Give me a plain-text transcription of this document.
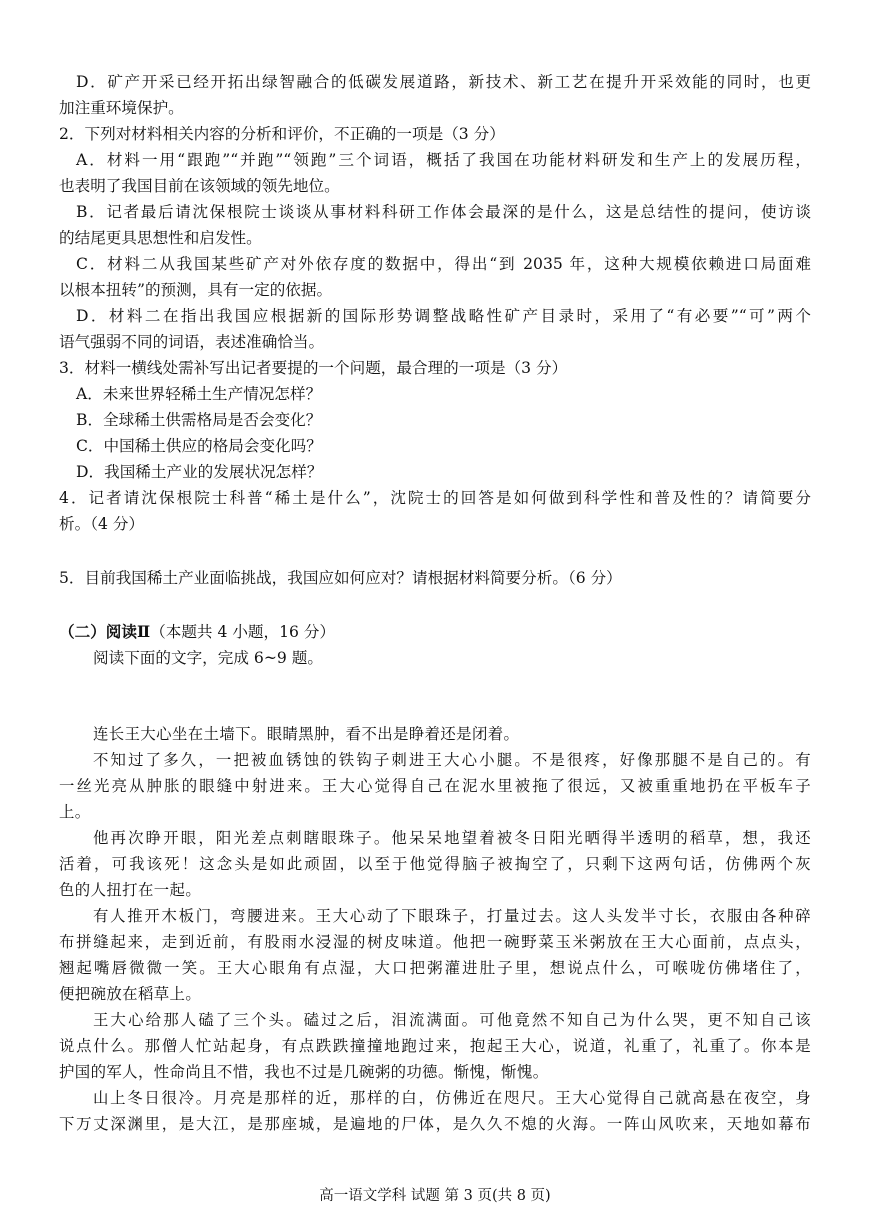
D．矿产开采已经开拓出绿智融合的低碳发展道路，新技术、新工艺在提升开采效能的同时，也更
加注重环境保护。
2．下列对材料相关内容的分析和评价，不正确的一项是（3 分）
A．材料一用“跟跑”“并跑”“领跑”三个词语，概括了我国在功能材料研发和生产上的发展历程，
也表明了我国目前在该领域的领先地位。
B．记者最后请沈保根院士谈谈从事材料科研工作体会最深的是什么，这是总结性的提问，使访谈
的结尾更具思想性和启发性。
C．材料二从我国某些矿产对外依存度的数据中，得出“到 2035 年，这种大规模依赖进口局面难
以根本扭转”的预测，具有一定的依据。
D．材料二在指出我国应根据新的国际形势调整战略性矿产目录时，采用了“有必要”“可”两个
语气强弱不同的词语，表述准确恰当。
3．材料一横线处需补写出记者要提的一个问题，最合理的一项是（3 分）
A．未来世界轻稀土生产情况怎样？
B．全球稀土供需格局是否会变化？
C．中国稀土供应的格局会变化吗？
D．我国稀土产业的发展状况怎样？
4．记者请沈保根院士科普“稀土是什么”，沈院士的回答是如何做到科学性和普及性的？请简要分
析。（4 分）
5．目前我国稀土产业面临挑战，我国应如何应对？请根据材料简要分析。（6 分）
（二）阅读Ⅱ（本题共 4 小题，16 分）
阅读下面的文字，完成 6~9 题。
连长王大心坐在土墙下。眼睛黑肿，看不出是睁着还是闭着。
不知过了多久，一把被血锈蚀的铁钩子刺进王大心小腿。不是很疼，好像那腿不是自己的。有
一丝光亮从肿胀的眼缝中射进来。王大心觉得自己在泥水里被拖了很远，又被重重地扔在平板车子
上。
他再次睁开眼，阳光差点刺瞎眼珠子。他呆呆地望着被冬日阳光晒得半透明的稻草，想，我还
活着，可我该死！这念头是如此顽固，以至于他觉得脑子被掏空了，只剩下这两句话，仿佛两个灰
色的人扭打在一起。
有人推开木板门，弯腰进来。王大心动了下眼珠子，打量过去。这人头发半寸长，衣服由各种碎
布拼缝起来，走到近前，有股雨水浸湿的树皮味道。他把一碗野菜玉米粥放在王大心面前，点点头，
翘起嘴唇微微一笑。王大心眼角有点湿，大口把粥灌进肚子里，想说点什么，可喉咙仿佛堵住了，
便把碗放在稻草上。
王大心给那人磕了三个头。磕过之后，泪流满面。可他竟然不知自己为什么哭，更不知自己该
说点什么。那僧人忙站起身，有点跌跌撞撞地跑过来，抱起王大心，说道，礼重了，礼重了。你本是
护国的军人，性命尚且不惜，我也不过是几碗粥的功德。惭愧，惭愧。
山上冬日很冷。月亮是那样的近，那样的白，仿佛近在咫尺。王大心觉得自己就高悬在夜空，身
下万丈深渊里，是大江，是那座城，是遍地的尸体，是久久不熄的火海。一阵山风吹来，天地如幕布
高一语文学科 试题 第 3 页(共 8 页)
